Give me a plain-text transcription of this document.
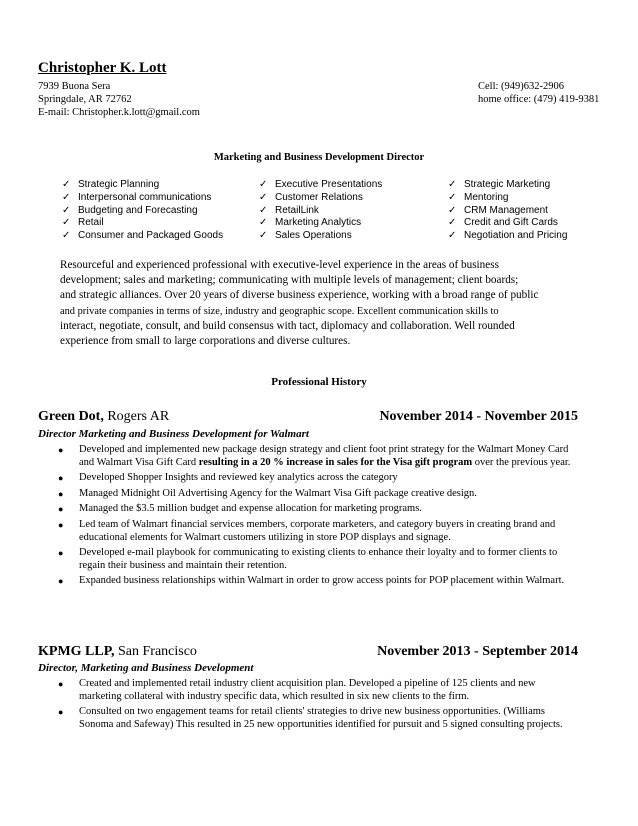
Christopher K. Lott
7939 Buona Sera
Springdale, AR 72762
E-mail: Christopher.k.lott@gmail.com
Cell: (949)632-2906
home office: (479) 419-9381
Marketing and Business Development Director
✓ Strategic Planning
✓ Interpersonal communications
✓ Budgeting and Forecasting
✓ Retail
✓ Consumer and Packaged Goods
✓ Executive Presentations
✓ Customer Relations
✓ RetailLink
✓ Marketing Analytics
✓ Sales Operations
✓ Strategic Marketing
✓ Mentoring
✓ CRM Management
✓ Credit and Gift Cards
✓ Negotiation and Pricing
Resourceful and experienced professional with executive-level experience in the areas of business
development; sales and marketing; communicating with multiple levels of management; client boards;
and strategic alliances. Over 20 years of diverse business experience, working with a broad range of public
and private companies in terms of size, industry and geographic scope. Excellent communication skills to
interact, negotiate, consult, and build consensus with tact, diplomacy and collaboration. Well rounded
experience from small to large corporations and diverse cultures.
Professional History
Green Dot, Rogers AR	November 2014 - November 2015
Director Marketing and Business Development for Walmart
● Developed and implemented new package design strategy and client foot print strategy for the Walmart Money Card and Walmart Visa Gift Card resulting in a 20 % increase in sales for the Visa gift program over the previous year.
● Developed Shopper Insights and reviewed key analytics across the category
● Managed Midnight Oil Advertising Agency for the Walmart Visa Gift package creative design.
● Managed the $3.5 million budget and expense allocation for marketing programs.
● Led team of Walmart financial services members, corporate marketers, and category buyers in creating brand and educational elements for Walmart customers utilizing in store POP displays and signage.
● Developed e-mail playbook for communicating to existing clients to enhance their loyalty and to former clients to regain their business and maintain their retention.
● Expanded business relationships within Walmart in order to grow access points for POP placement within Walmart.
KPMG LLP, San Francisco	November 2013 - September 2014
Director, Marketing and Business Development
● Created and implemented retail industry client acquisition plan. Developed a pipeline of 125 clients and new marketing collateral with industry specific data, which resulted in six new clients to the firm.
● Consulted on two engagement teams for retail clients' strategies to drive new business opportunities. (Williams Sonoma and Safeway) This resulted in 25 new opportunities identified for pursuit and 5 signed consulting projects.
